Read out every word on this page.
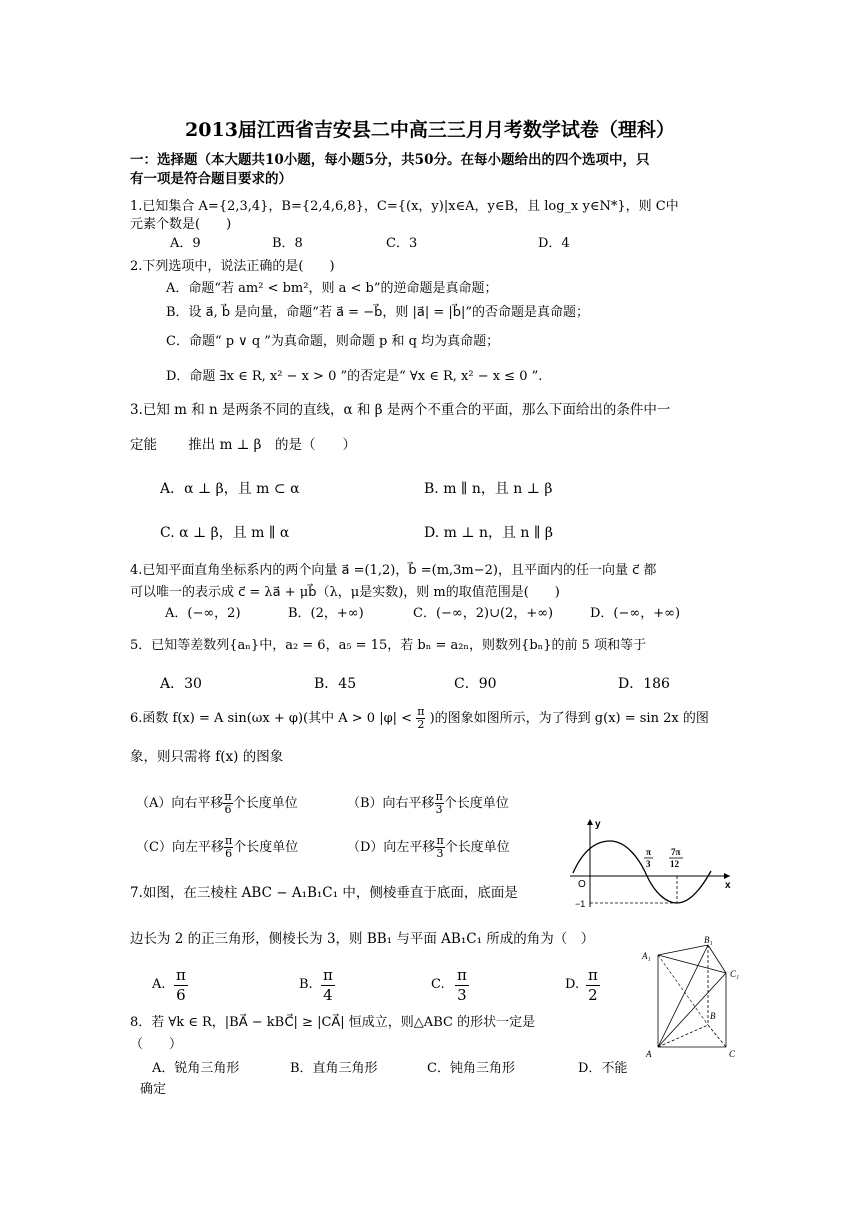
2013届江西省吉安县二中高三三月月考数学试卷（理科）
一：选择题（本大题共10小题，每小题5分，共50分。在每小题给出的四个选项中，只
有一项是符合题目要求的）
1.已知集合 A={2,3,4}，B={2,4,6,8}，C={(x，y)|x∈A，y∈B，且 log_x y∈N*}，则 C中
元素个数是(　　)
A．9	B．8	C．3	D．4
2.下列选项中，说法正确的是(　　)
A．命题“若 am² < bm²，则 a < b”的逆命题是真命题；
B．设 a⃗, b⃗ 是向量，命题“若 a⃗ = −b⃗，则 |a⃗| = |b⃗|”的否命题是真命题；
C．命题“ p ∨ q ”为真命题，则命题 p 和 q 均为真命题；
D．命题 ∃x ∈ R, x² − x > 0 ”的否定是“ ∀x ∈ R, x² − x ≤ 0 ”.
3.已知 m 和 n 是两条不同的直线，α 和 β 是两个不重合的平面，那么下面给出的条件中一
定能　　 推出 m ⊥ β　的是（　　）
A．α ⊥ β，且 m ⊂ α	B. m ∥ n，且 n ⊥ β
C. α ⊥ β，且 m ∥ α	D. m ⊥ n，且 n ∥ β
4.已知平面直角坐标系内的两个向量 a⃗ =(1,2)，b⃗ =(m,3m−2)，且平面内的任一向量 c⃗ 都
可以唯一的表示成 c⃗ = λa⃗ + μb⃗（λ，μ是实数)，则 m的取值范围是(　　)
A．(−∞，2)	B．(2，+∞)	C．(−∞，2)∪(2，+∞)	D．(−∞，+∞)
5．已知等差数列{aₙ}中，a₂ = 6，a₅ = 15，若 bₙ = a₂ₙ，则数列{bₙ}的前 5 项和等于
A．30	B．45	C．90	D．186
6.函数 f(x) = A sin(ωx + φ)(其中 A > 0 $|\varphi| < \frac{\pi}{2}$ )的图象如图所示，为了得到 g(x) = sin 2x 的图
象，则只需将 f(x) 的图象
（A）向右平移 $\frac{\pi}{6}$ 个长度单位	（B）向右平移 $\frac{\pi}{3}$ 个长度单位
（C）向左平移 $\frac{\pi}{6}$ 个长度单位	（D）向左平移 $\frac{\pi}{3}$ 个长度单位
y
x
O
π
3
7π
12
−1
7.如图，在三棱柱 ABC − A₁B₁C₁ 中，侧棱垂直于底面，底面是
边长为 2 的正三角形，侧棱长为 3，则 BB₁ 与平面 AB₁C₁ 所成的角为（　）
A. $\frac{\pi}{6}$	B. $\frac{\pi}{4}$	C. $\frac{\pi}{3}$	D. $\frac{\pi}{2}$
B₁
A₁
C₁
A
B
C
8．若 ∀k ∈ R，|BA⃗ − kBC⃗| ≥ |CA⃗| 恒成立，则△ABC 的形状一定是
（　　）
A．锐角三角形	B．直角三角形	C．钝角三角形	D．不能
确定
